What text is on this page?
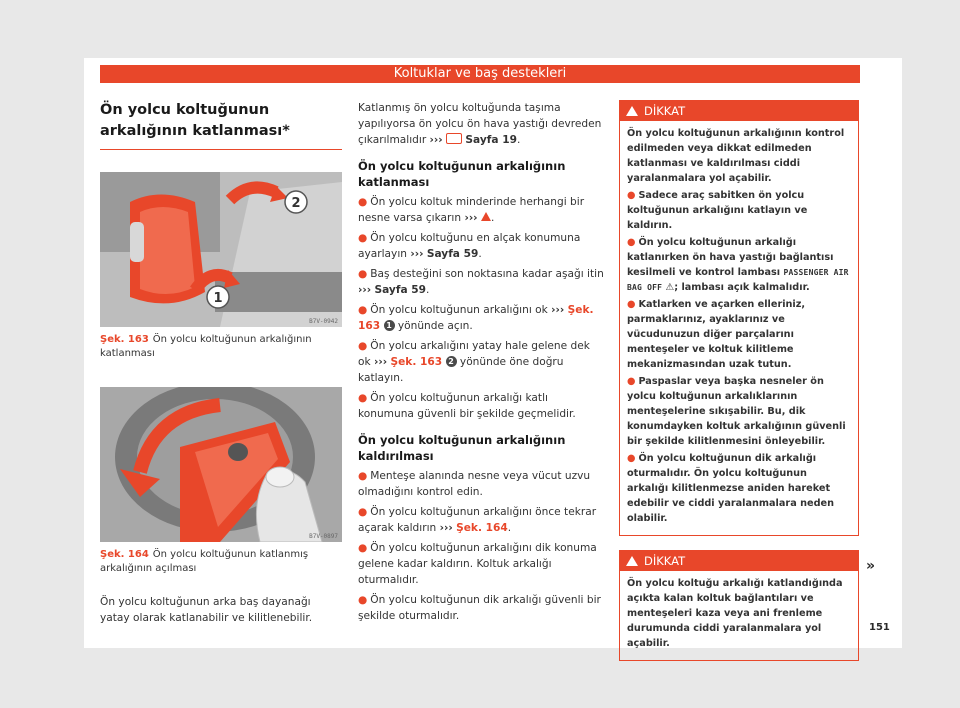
Koltuklar ve baş destekleri
Ön yolcu koltuğunun arkalığının katlanması*
2
1
B7V-0942

Şek. 163 Ön yolcu koltuğunun arkalığının katlanması

B7V-0897

Şek. 164 Ön yolcu koltuğunun katlanmış arkalığının açılması

Ön yolcu koltuğunun arka baş dayanağı yatay olarak katlanabilir ve kilitlenebilir.

Katlanmış ön yolcu koltuğunda taşıma yapılıyorsa ön yolcu ön hava yastığı devreden çıkarılmalıdır ››› Sayfa 19.

Ön yolcu koltuğunun arkalığının katlanması

● Ön yolcu koltuk minderinde herhangi bir nesne varsa çıkarın ››› .

● Ön yolcu koltuğunu en alçak konumuna ayarlayın ››› Sayfa 59.

● Baş desteğini son noktasına kadar aşağı itin ››› Sayfa 59.

● Ön yolcu koltuğunun arkalığını ok ››› Şek. 163 1 yönünde açın.

● Ön yolcu arkalığını yatay hale gelene dek ok ››› Şek. 163 2 yönünde öne doğru katlayın.

● Ön yolcu koltuğunun arkalığı katlı konumuna güvenli bir şekilde geçmelidir.

Ön yolcu koltuğunun arkalığının kaldırılması

● Menteşe alanında nesne veya vücut uzvu olmadığını kontrol edin.

● Ön yolcu koltuğunun arkalığını önce tekrar açarak kaldırın ››› Şek. 164.

● Ön yolcu koltuğunun arkalığını dik konuma gelene kadar kaldırın. Koltuk arkalığı oturmalıdır.

● Ön yolcu koltuğunun dik arkalığı güvenli bir şekilde oturmalıdır.

DİKKAT

Ön yolcu koltuğunun arkalığının kontrol edilmeden veya dikkat edilmeden katlanması ve kaldırılması ciddi yaralanmalara yol açabilir.

● Sadece araç sabitken ön yolcu koltuğunun arkalığını katlayın ve kaldırın.

● Ön yolcu koltuğunun arkalığı katlanırken ön hava yastığı bağlantısı kesilmeli ve kontrol lambası PASSENGER AIR BAG OFF ⚠; lambası açık kalmalıdır.

● Katlarken ve açarken elleriniz, parmaklarınız, ayaklarınız ve vücudunuzun diğer parçalarını menteşeler ve koltuk kilitleme mekanizmasından uzak tutun.

● Paspaslar veya başka nesneler ön yolcu koltuğunun arkalıklarının menteşelerine sıkışabilir. Bu, dik konumdayken koltuk arkalığının güvenli bir şekilde kilitlenmesini önleyebilir.

● Ön yolcu koltuğunun dik arkalığı oturmalıdır. Ön yolcu koltuğunun arkalığı kilitlenmezse aniden hareket edebilir ve ciddi yaralanmalara neden olabilir.

DİKKAT

Ön yolcu koltuğu arkalığı katlandığında açıkta kalan koltuk bağlantıları ve menteşeleri kaza veya ani frenleme durumunda ciddi yaralanmalara yol açabilir.

»
151
